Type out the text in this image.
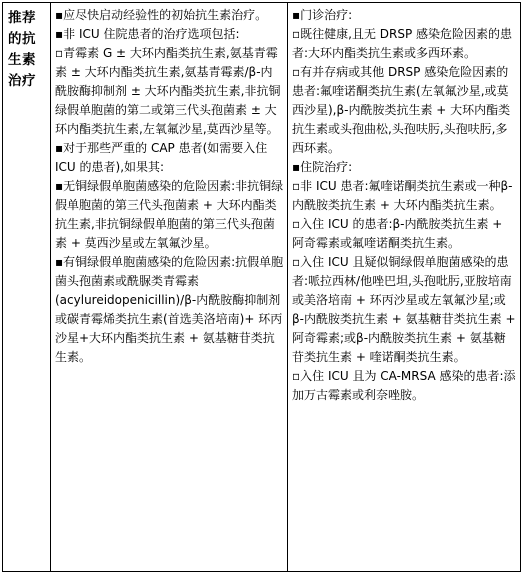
推荐的抗生素治疗

▪应尽快启动经验性的初始抗生素治疗。

▪非 ICU 住院患者的治疗选项包括:

▫青霉素 G ± 大环内酯类抗生素,氨基青霉素 ± 大环内酯类抗生素,氨基青霉素/β-内酰胺酶抑制剂 ± 大环内酯类抗生素,非抗铜绿假单胞菌的第二或第三代头孢菌素 ± 大环内酯类抗生素,左氧氟沙星,莫西沙星等。

▪对于那些严重的 CAP 患者(如需要入住 ICU 的患者),如果其:

▪无铜绿假单胞菌感染的危险因素:非抗铜绿假单胞菌的第三代头孢菌素 + 大环内酯类抗生素,非抗铜绿假单胞菌的第三代头孢菌素 + 莫西沙星或左氧氟沙星。

▪有铜绿假单胞菌感染的危险因素:抗假单胞菌头孢菌素或酰脲类青霉素(acylureidopenicillin)/β-内酰胺酶抑制剂或碳青霉烯类抗生素(首选美洛培南)+ 环丙沙星+大环内酯类抗生素 + 氨基糖苷类抗生素。

▪门诊治疗:

▫既往健康,且无 DRSP 感染危险因素的患者:大环内酯类抗生素或多西环素。

▫有并存病或其他 DRSP 感染危险因素的患者:氟喹诺酮类抗生素(左氧氟沙星,或莫西沙星),β-内酰胺类抗生素 + 大环内酯类抗生素或头孢曲松,头孢呋肟,头孢呋肟,多西环素。

▪住院治疗:

▫非 ICU 患者:氟喹诺酮类抗生素或一种β-内酰胺类抗生素 + 大环内酯类抗生素。

▫入住 ICU 的患者:β-内酰胺类抗生素 + 阿奇霉素或氟喹诺酮类抗生素。

▫入住 ICU 且疑似铜绿假单胞菌感染的患者:哌拉西林/他唑巴坦,头孢吡肟,亚胺培南或美洛培南 + 环丙沙星或左氧氟沙星;或β-内酰胺类抗生素 + 氨基糖苷类抗生素 + 阿奇霉素;或β-内酰胺类抗生素 + 氨基糖苷类抗生素 + 喹诺酮类抗生素。

▫入住 ICU 且为 CA-MRSA 感染的患者:添加万古霉素或利奈唑胺。
